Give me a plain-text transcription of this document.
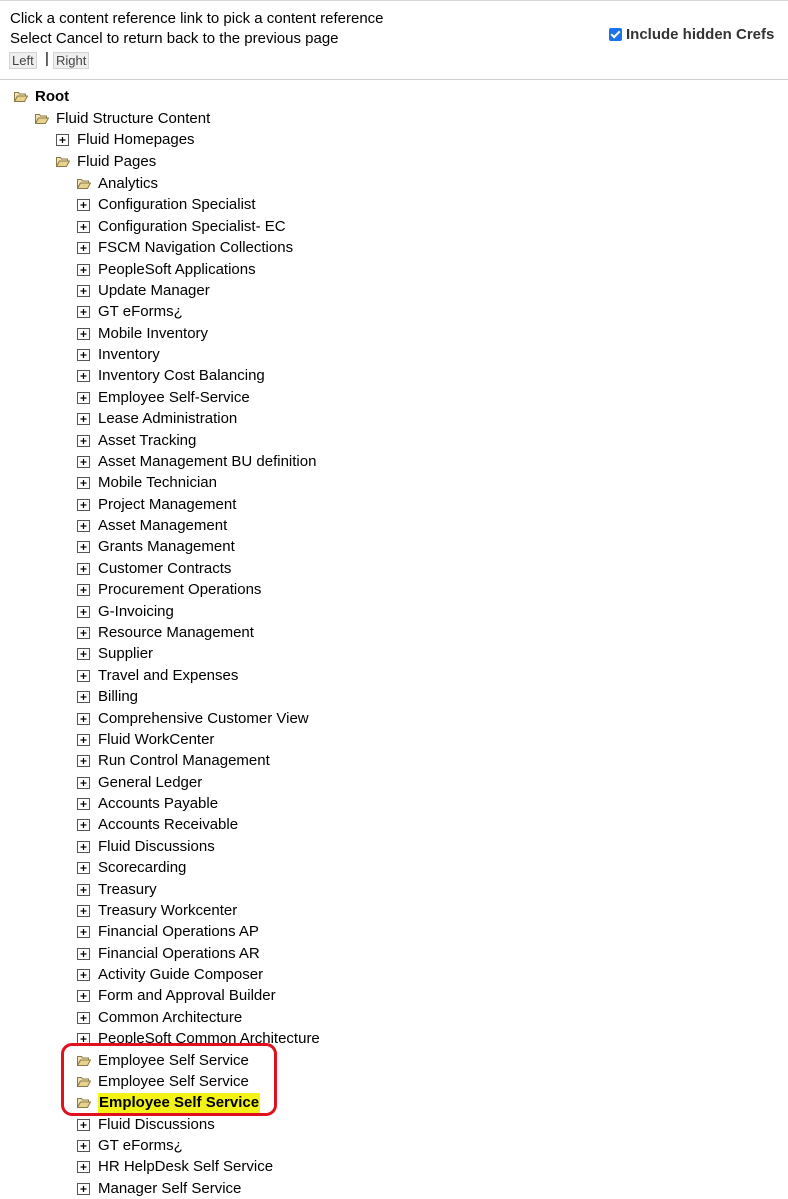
Click a content reference link to pick a content reference
Select Cancel to return back to the previous page
Left | Right
Include hidden Crefs
Root
Fluid Structure Content
Fluid Homepages
Fluid Pages
Analytics
Configuration Specialist
Configuration Specialist- EC
FSCM Navigation Collections
PeopleSoft Applications
Update Manager
GT eForms¿
Mobile Inventory
Inventory
Inventory Cost Balancing
Employee Self-Service
Lease Administration
Asset Tracking
Asset Management BU definition
Mobile Technician
Project Management
Asset Management
Grants Management
Customer Contracts
Procurement Operations
G-Invoicing
Resource Management
Supplier
Travel and Expenses
Billing
Comprehensive Customer View
Fluid WorkCenter
Run Control Management
General Ledger
Accounts Payable
Accounts Receivable
Fluid Discussions
Scorecarding
Treasury
Treasury Workcenter
Financial Operations AP
Financial Operations AR
Activity Guide Composer
Form and Approval Builder
Common Architecture
PeopleSoft Common Architecture
Employee Self Service
Employee Self Service
Employee Self Service
Fluid Discussions
GT eForms¿
HR HelpDesk Self Service
Manager Self Service
